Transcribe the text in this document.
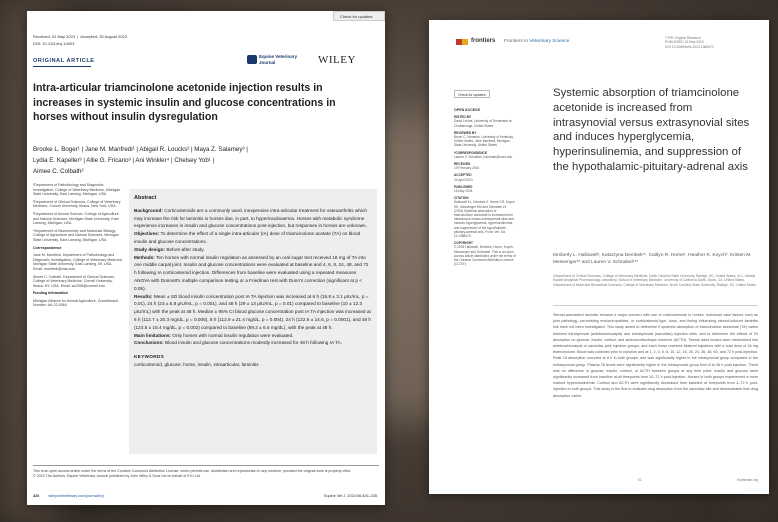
Check for updates
Received: 31 May 2023  |  Accepted: 25 August 2023
DOI: 10.1111/evj.14003
ORIGINAL ARTICLE
Equine Veterinary Journal	WILEY
Intra-articular triamcinolone acetonide injection results in increases in systemic insulin and glucose concentrations in horses without insulin dysregulation
Brooke L. Boger¹ | Jane M. Manfredi¹ | Abigail R. Loucks² | Maya Z. Salamey³ |
Lydia E. Kapeller³ | Allie G. Fricano³ | Ani Winkler⁴ | Chelsey Yob¹ |
Aimee C. Colbath²

¹Department of Pathobiology and Diagnostic Investigation, College of Veterinary Medicine, Michigan State University, East Lansing, Michigan, USA

²Department of Clinical Sciences, College of Veterinary Medicine, Cornell University, Ithaca, New York, USA

³Department of Animal Science, College of Agriculture and Natural Sciences, Michigan State University, East Lansing, Michigan, USA

⁴Department of Biochemistry and Molecular Biology, College of Agriculture and Natural Sciences, Michigan State University, East Lansing, Michigan, USA

Correspondence

Jane M. Manfredi, Department of Pathobiology and Diagnostic Investigation, College of Veterinary Medicine, Michigan State University, East Lansing, MI, USA. Email: manfredi@msu.edu

Aimee C. Colbath, Department of Clinical Sciences, College of Veterinary Medicine, Cornell University, Ithaca, NY, USA. Email: ac2398@cornell.edu

Funding information

Michigan Alliance for Animal Agriculture, Grant/Award Number: AA-22-0064

Abstract

Background: Corticosteroids are a commonly used, inexpensive intra-articular treatment for osteoarthritis which may increase the risk for laminitis in horses due, in part, to hyperinsulinaemia. Horses with metabolic syndrome experience increases in insulin and glucose concentrations post-injection, but responses in horses are unknown.

Objectives: To determine the effect of a single intra-articular (IA) dose of triamcinolone acetate (TA) on blood insulin and glucose concentrations.

Study design: Before-after study.

Methods: Ten horses with normal insulin regulation as assessed by an oral sugar test received 18 mg of TA into one middle carpal joint. Insulin and glucose concentrations were evaluated at baseline and 4, 6, 8, 24, 48, and 72 h following IA corticosteroid injection. Differences from baseline were evaluated using a repeated measures ANOVA with Dunnett's multiple comparison testing or a Friedman test with Dunn's correction (significant at p < 0.05).

Results: Mean ± SD blood insulin concentration post IA TA injection was increased at 6 h (15.8 ± 3.1 μIU/mL, p = 0.01), 24 h (23 ± 5.8 μIU/mL, p = 0.001), and 48 h (29 ± 13 μIU/mL, p = 0.01) compared to baseline (10 ± 12.3 μIU/mL) with the peak at 48 h. Median ± 95% CI blood glucose concentration post IA TA injection was increased at 6 h (112.7 ± 20.3 mg/dL, p = 0.006), 8 h (112.9 ± 21.4 mg/dL, p = 0.004), 24 h (122.6 ± 14.6, p = 0.0001), and 48 h (123.5 ± 15.4 mg/dL, p = 0.002) compared to baseline (89.2 ± 6.6 mg/dL), with the peak at 48 h.

Main limitations: Only horses with normal insulin regulation were evaluated.

Conclusions: Blood insulin and glucose concentrations modestly increased for 48 h following IA TA.

KEYWORDS

corticosteroid, glucose, horse, insulin, intraarticular, laminitis

This is an open access article under the terms of the Creative Commons Attribution License, which permits use, distribution and reproduction in any medium, provided the original work is properly cited.
© 2023 The Authors. Equine Veterinary Journal published by John Wiley & Sons Ltd on behalf of EVJ Ltd.
326 wileyonlinelibrary.com/journal/evj	Equine Vet J. 2024;56:326–335.
frontiers Frontiers in Veterinary Science
TYPE Original Research
PUBLISHED 15 May 2024
DOI 10.3389/fvets.2024.1388470
Check for updates
OPEN ACCESS
EDITED BY
David Levine, University of Tennessee at Chattanooga, United States
REVIEWED BY
Brynn C. Menarim, University of Kentucky, United States; Jane Manfredi, Michigan State University, United States
*CORRESPONDENCE
Lauren V. Schnabel, lvschnab@ncsu.edu
RECEIVED
19 February 2024
ACCEPTED
24 April 2024
PUBLISHED
15 May 2024
CITATION
Hallowell KL, Dembek K, Horne CR, Knych HK, Messenger KM and Schnabel LV (2024) Systemic absorption of triamcinolone acetonide is increased from intravenous versus extrasynovial sites and induces hyperglycemia, hyperinsulinemia, and suppression of the hypothalamic-pituitary-adrenal axis. Front. Vet. Sci. 11:1388470.
COPYRIGHT
© 2024 Hallowell, Dembek, Horne, Knych, Messenger and Schnabel. This is an open-access article distributed under the terms of the Creative Commons Attribution License (CC BY).
Systemic absorption of triamcinolone acetonide is increased from intrasynovial versus extrasynovial sites and induces hyperglycemia, hyperinsulinemia, and suppression of the hypothalamic-pituitary-adrenal axis
Kimberly L. Hallowell¹, Katarzyna Dembek¹*, Caitlyn R. Horne¹, Heather K. Knych², Kristen M. Messenger³⁴ and Lauren V. Schnabel¹⁴*
¹Department of Clinical Sciences, College of Veterinary Medicine, North Carolina State University, Raleigh, NC, United States, ²K.L. Maddy Equine Analytical Pharmacology Laboratory, School of Veterinary Medicine, University of California Davis, Davis, CA, United States, ³Department of Molecular Biomedical Sciences, College of Veterinary Medicine, North Carolina State University, Raleigh, NC, United States
Steroid-associated laminitis remains a major concern with use of corticosteroids in horses. Individual case factors such as joint pathology, pre-existing endocrinopathies, or corticosteroid type, dose, and timing influencing steroid-induced laminitis risk have not been investigated. This study aimed to determine if systemic absorption of triamcinolone acetonide (TA) varies between intrasynovial (antebrachiocarpal) and extrasynovial (sacroiliac) injection sites, and to determine the effects of TA absorption on glucose, insulin, cortisol, and adrenocorticotropic hormone (ACTH). Twenty adult horses were randomized into antebrachiocarpal or sacroiliac joint injection groups, and each horse received bilateral injections with a total dose of 18 mg triamcinolone. Blood was collected prior to injection and at 1, 2, 4, 6, 8, 10, 12, 16, 20, 24, 36, 48, 60, and 72 h post-injection. Peak TA absorption occurred at 8 h in both groups, and was significantly higher in the intrasynovial group compared to the extrasynovial group. Plasma TA levels were significantly higher in the intrasynovial group from 8 to 36 h post-injection. There was no difference in glucose, insulin, cortisol, or ACTH between groups at any time point. Insulin and glucose were significantly increased from baseline at all timepoints from 10–72 h post-injection. Horses in both groups experienced a more marked hyperinsulinemia. Cortisol and ACTH were significantly decreased from baseline at timepoints from 4–72 h post-injection in both groups. This study is the first to evaluate drug absorption from the sacroiliac site and demonstrates that drug absorption varies
01	frontiersin.org
